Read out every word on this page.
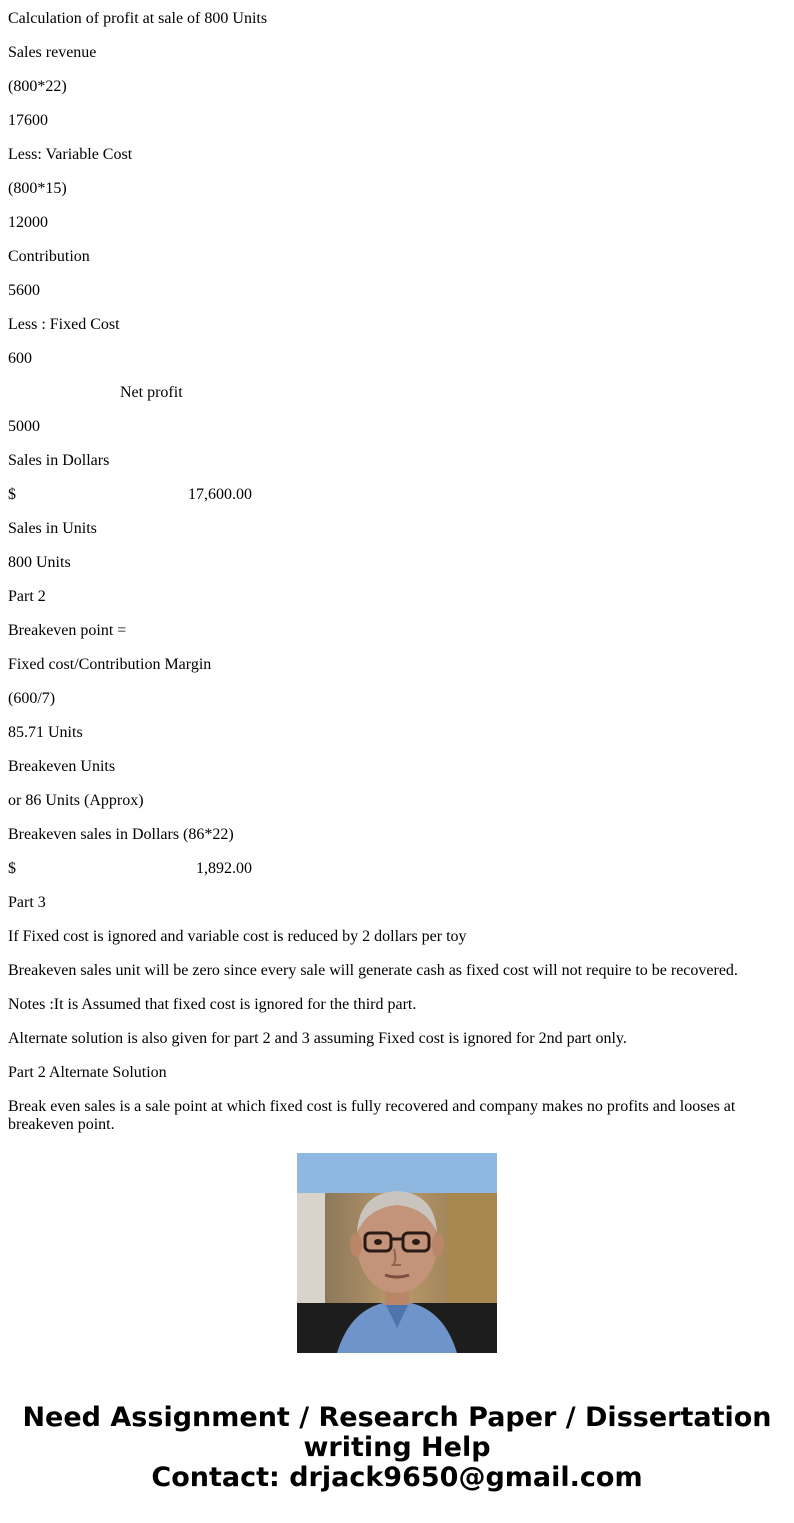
Calculation of profit at sale of 800 Units
Sales revenue
(800*22)
17600
Less: Variable Cost
(800*15)
12000
Contribution
5600
Less : Fixed Cost
600
Net profit
5000
Sales in Dollars
$	17,600.00
Sales in Units
800 Units
Part 2
Breakeven point =
Fixed cost/Contribution Margin
(600/7)
85.71 Units
Breakeven Units
or 86 Units (Approx)
Breakeven sales in Dollars (86*22)
$	1,892.00
Part 3
If Fixed cost is ignored and variable cost is reduced by 2 dollars per toy
Breakeven sales unit will be zero since every sale will generate cash as fixed cost will not require to be recovered.
Notes :It is Assumed that fixed cost is ignored for the third part.
Alternate solution is also given for part 2 and 3 assuming Fixed cost is ignored for 2nd part only.
Part 2 Alternate Solution
Break even sales is a sale point at which fixed cost is fully recovered and company makes no profits and looses at breakeven point.
Need Assignment / Research Paper / Dissertation
writing Help
Contact: drjack9650@gmail.com
